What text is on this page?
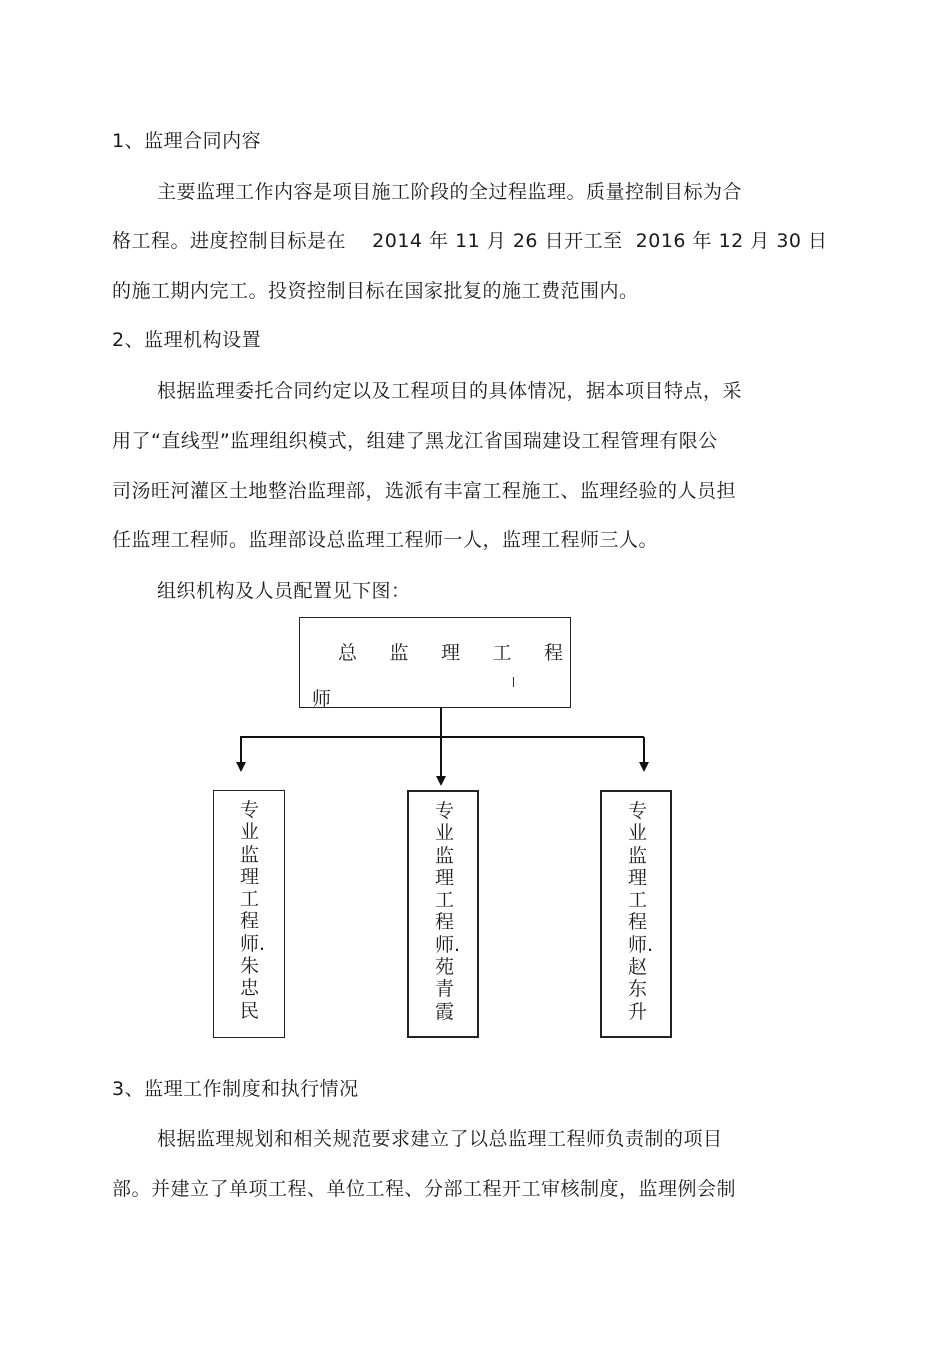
1、监理合同内容
主要监理工作内容是项目施工阶段的全过程监理。质量控制目标为合
格工程。进度控制目标是在    2014 年 11 月 26 日开工至  2016 年 12 月 30 日
的施工期内完工。投资控制目标在国家批复的施工费范围内。
2、监理机构设置
根据监理委托合同约定以及工程项目的具体情况，据本项目特点，采
用了“直线型”监理组织模式，组建了黑龙江省国瑞建设工程管理有限公
司汤旺河灌区土地整治监理部，选派有丰富工程施工、监理经验的人员担
任监理工程师。监理部设总监理工程师一人，监理工程师三人。
组织机构及人员配置见下图：
总 监 理 工 程
师
专业监理工程师.朱忠民
专业监理工程师.苑青霞
专业监理工程师.赵东升
3、监理工作制度和执行情况
根据监理规划和相关规范要求建立了以总监理工程师负责制的项目
部。并建立了单项工程、单位工程、分部工程开工审核制度，监理例会制
